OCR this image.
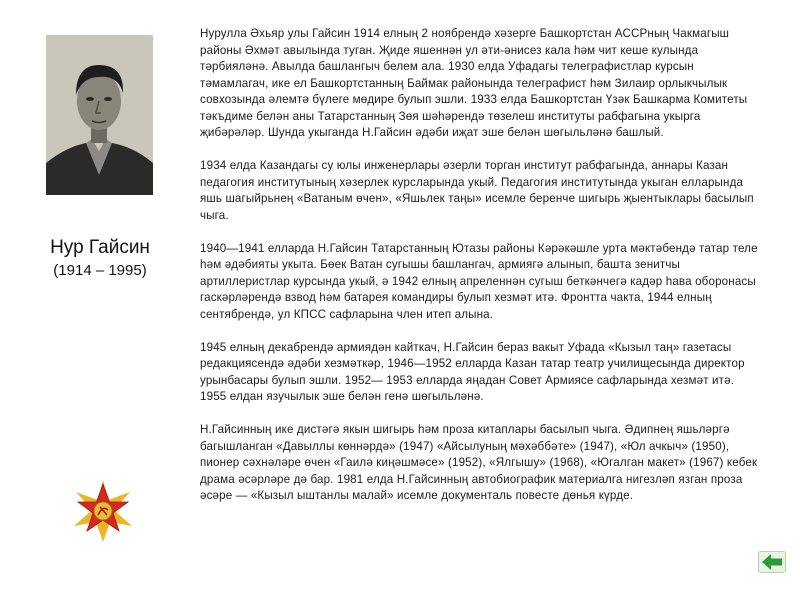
Нур Гайсин
(1914 – 1995)

Нурулла Әхьяр улы Гайсин 1914 елның 2 ноябрендә хәзерге Башкортстан АССРның Чакмагыш районы Әхмәт авылында туган. Җиде яшеннән ул әти-әнисез кала һәм чит кеше кулында тәрбияләнә. Авылда башлангыч белем ала. 1930 елда Уфадагы телеграфистлар курсын тәмамлагач, ике ел Башкортстанның Баймак районында телеграфист һәм Зилаир орлыкчылык совхозында әлемтә бүлеге мөдире булып эшли. 1933 елда Башкортстан Үзәк Башкарма Комитеты тәкъдиме белән аны Татарстанның Зөя шәһәрендә төзелеш институты рабфагына укырга җибәрәләр. Шунда укыганда Н.Гайсин әдәби иҗат эше белән шөгыльләнә башлый.

1934 елда Казандагы су юлы инженерлары әзерли торган институт рабфагында, аннары Казан педагогия институтының хәзерлек курсларында укый. Педагогия институтында укыган елларында яшь шагыйрьнең «Ватаным өчен», «Яшьлек таңы» исемле беренче шигырь җыентыклары басылып чыга.

1940—1941 елларда Н.Гайсин Татарстанның Ютазы районы Кәрәкәшле урта мәктәбендә татар теле һәм әдәбияты укыта. Бөек Ватан сугышы башлангач, армиягә алынып, башта зенитчы артиллеристлар курсында укый, ә 1942 елның апреленнән сугыш беткәнчегә кадәр һава оборонасы гаскәрләрендә взвод һәм батарея командиры булып хезмәт итә. Фронтта чакта, 1944 елның сентябрендә, ул КПСС сафларына член итеп алына.

1945 елның декабрендә армиядән кайткач, Н.Гайсин бераз вакыт Уфада «Кызыл таң» газетасы редакциясендә әдәби хезмәткәр, 1946—1952 елларда Казан татар театр училищесында директор урынбасары булып эшли. 1952— 1953 елларда яңадан Совет Армиясе сафларында хезмәт итә. 1955 елдан язучылык эше белән генә шөгыльләнә.

Н.Гайсинның ике дистәгә якын шигырь һәм проза китаплары басылып чыга. Әдипнең яшьләргә багышланган «Давыллы көннәрдә» (1947) «Айсылуның мәхәббәте» (1947), «Юл ачкыч» (1950), пионер сәхнәләре өчен «Гаилә киңәшмәсе» (1952), «Ялгышу» (1968), «Югалган макет» (1967) кебек драма әсәрләре дә бар. 1981 елда Н.Гайсинның автобиографик материалга нигезләп язган проза әсәре — «Кызыл ыштанлы малай» исемле документаль повесте дөнья күрде.
